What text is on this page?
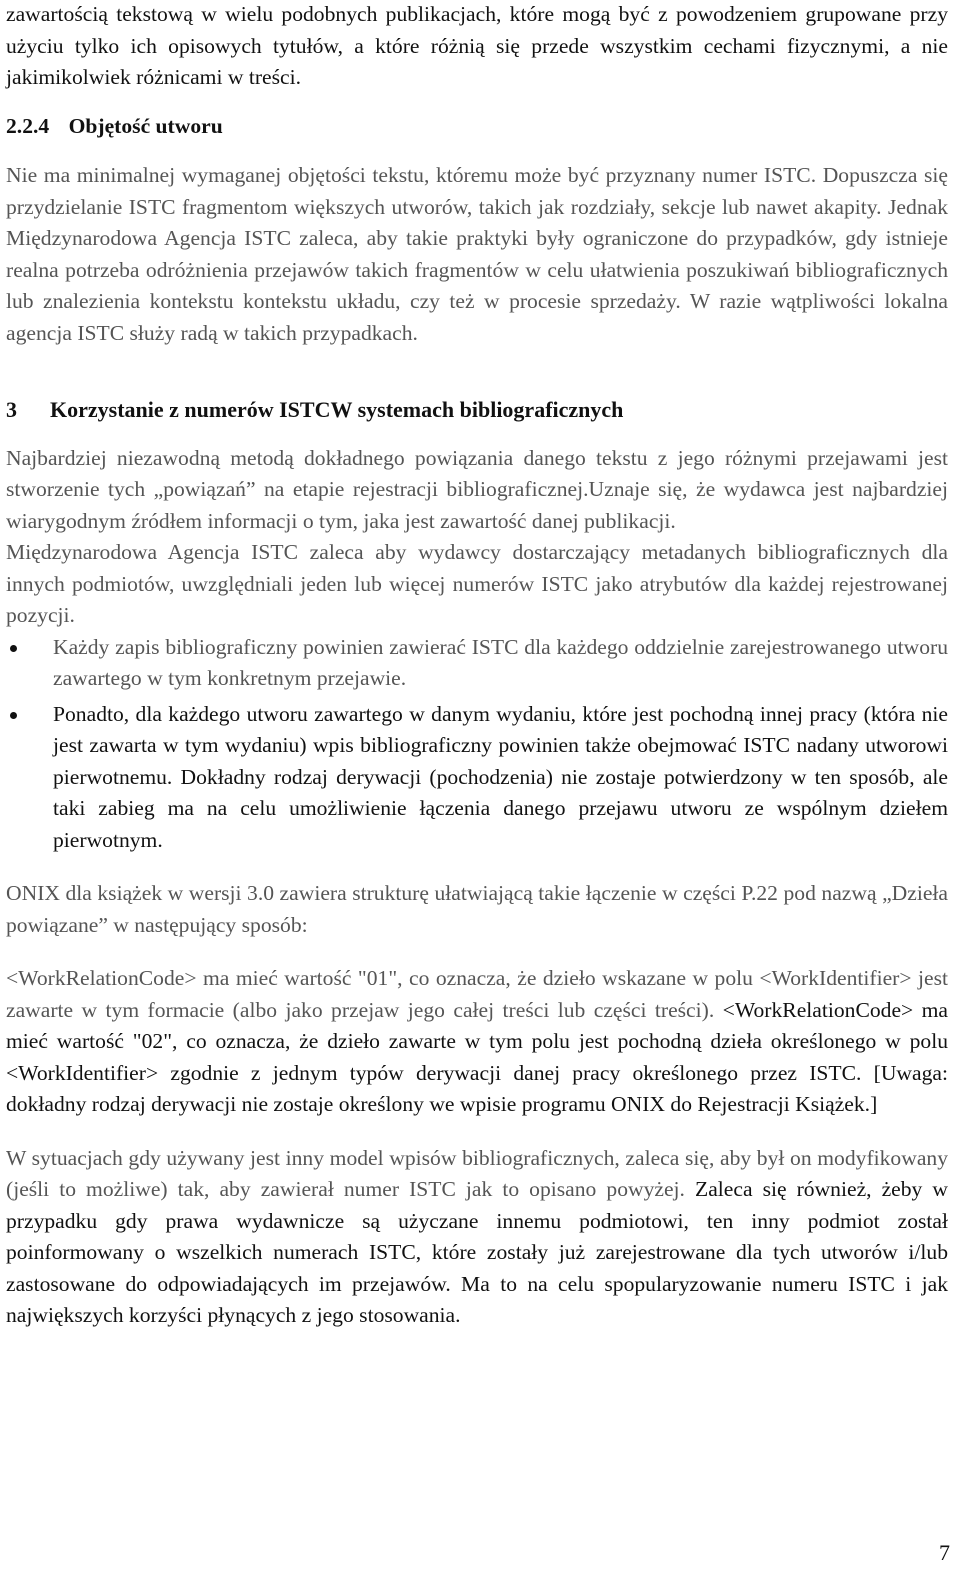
zawartością tekstową w wielu podobnych publikacjach, które mogą być z powodzeniem grupowane przy użyciu tylko ich opisowych tytułów, a które różnią się przede wszystkim cechami fizycznymi, a nie jakimikolwiek różnicami w treści.

2.2.4 Objętość utworu

Nie ma minimalnej wymaganej objętości tekstu, któremu może być przyznany numer ISTC. Dopuszcza się przydzielanie ISTC fragmentom większych utworów, takich jak rozdziały, sekcje lub nawet akapity. Jednak Międzynarodowa Agencja ISTC zaleca, aby takie praktyki były ograniczone do przypadków, gdy istnieje realna potrzeba odróżnienia przejawów takich fragmentów w celu ułatwienia poszukiwań bibliograficznych lub znalezienia kontekstu kontekstu układu, czy też w procesie sprzedaży. W razie wątpliwości lokalna agencja ISTC służy radą w takich przypadkach.

3 Korzystanie z numerów ISTCW systemach bibliograficznych

Najbardziej niezawodną metodą dokładnego powiązania danego tekstu z jego różnymi przejawami jest stworzenie tych „powiązań” na etapie rejestracji bibliograficznej.Uznaje się, że wydawca jest najbardziej wiarygodnym źródłem informacji o tym, jaka jest zawartość danej publikacji.

Międzynarodowa Agencja ISTC zaleca aby wydawcy dostarczający metadanych bibliograficznych dla innych podmiotów, uwzględniali jeden lub więcej numerów ISTC jako atrybutów dla każdej rejestrowanej pozycji.

Każdy zapis bibliograficzny powinien zawierać ISTC dla każdego oddzielnie zarejestrowanego utworu zawartego w tym konkretnym przejawie.
Ponadto, dla każdego utworu zawartego w danym wydaniu, które jest pochodną innej pracy (która nie jest zawarta w tym wydaniu) wpis bibliograficzny powinien także obejmować ISTC nadany utworowi pierwotnemu. Dokładny rodzaj derywacji (pochodzenia) nie zostaje potwierdzony w ten sposób, ale taki zabieg ma na celu umożliwienie łączenia danego przejawu utworu ze wspólnym dziełem pierwotnym.

ONIX dla książek w wersji 3.0 zawiera strukturę ułatwiającą takie łączenie w części P.22 pod nazwą „Dzieła powiązane” w następujący sposób:

<WorkRelationCode> ma mieć wartość "01", co oznacza, że dzieło wskazane w polu <WorkIdentifier> jest zawarte w tym formacie (albo jako przejaw jego całej treści lub części treści). <WorkRelationCode> ma mieć wartość "02", co oznacza, że dzieło zawarte w tym polu jest pochodną dzieła określonego w polu <WorkIdentifier> zgodnie z jednym typów derywacji danej pracy określonego przez ISTC. [Uwaga: dokładny rodzaj derywacji nie zostaje określony we wpisie programu ONIX do Rejestracji Książek.]

W sytuacjach gdy używany jest inny model wpisów bibliograficznych, zaleca się, aby był on modyfikowany (jeśli to możliwe) tak, aby zawierał numer ISTC jak to opisano powyżej. Zaleca się również, żeby w przypadku gdy prawa wydawnicze są użyczane innemu podmiotowi, ten inny podmiot został poinformowany o wszelkich numerach ISTC, które zostały już zarejestrowane dla tych utworów i/lub zastosowane do odpowiadających im przejawów. Ma to na celu spopularyzowanie numeru ISTC i jak największych korzyści płynących z jego stosowania.

7
